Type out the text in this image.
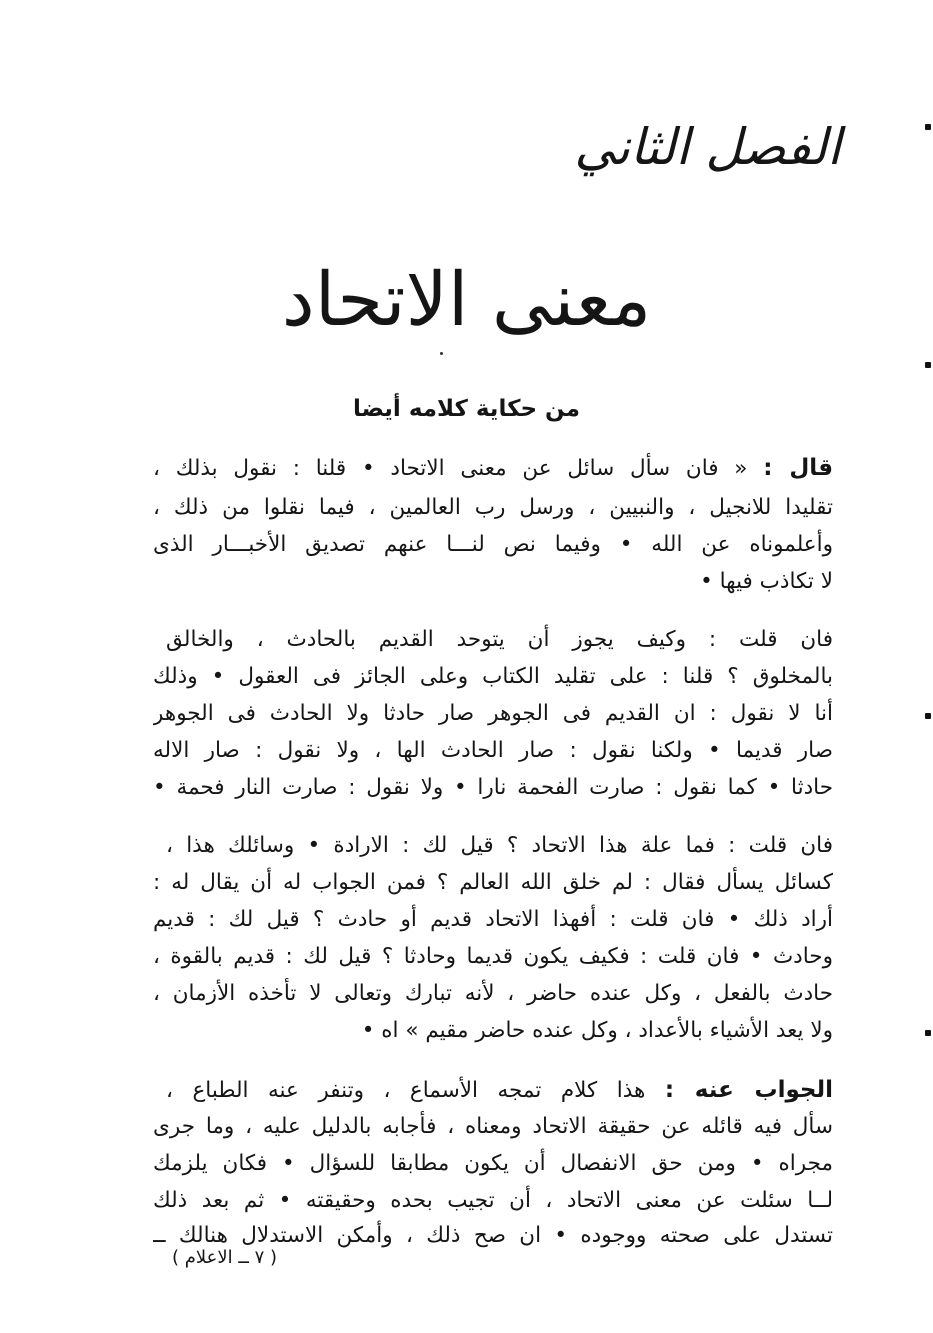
الفصل الثاني
معنى الاتحاد
من حكاية كلامه أيضا
قال : « فان سأل سائل عن معنى الاتحاد • قلنا : نقول بذلك ،
تقليدا للانجيل ، والنبيين ، ورسل رب العالمين ، فيما نقلوا من ذلك ،
وأعلموناه عن الله • وفيما نص لنـــا عنهم تصديق الأخبـــار الذى
لا تكاذب فيها •
فان قلت : وكيف يجوز أن يتوحد القديم بالحادث ، والخالق
بالمخلوق ؟ قلنا : على تقليد الكتاب وعلى الجائز فى العقول • وذلك
أنا لا نقول : ان القديم فى الجوهر صار حادثا ولا الحادث فى الجوهر
صار قديما • ولكنا نقول : صار الحادث الها ، ولا نقول : صار الاله
حادثا • كما نقول : صارت الفحمة نارا • ولا نقول : صارت النار فحمة •
فان قلت : فما علة هذا الاتحاد ؟ قيل لك : الارادة • وسائلك هذا ،
كسائل يسأل فقال : لم خلق الله العالم ؟ فمن الجواب له أن يقال له :
أراد ذلك • فان قلت : أفهذا الاتحاد قديم أو حادث ؟ قيل لك : قديم
وحادث • فان قلت : فكيف يكون قديما وحادثا ؟ قيل لك : قديم بالقوة ،
حادث بالفعل ، وكل عنده حاضر ، لأنه تبارك وتعالى لا تأخذه الأزمان ،
ولا يعد الأشياء بالأعداد ، وكل عنده حاضر مقيم » اه •
الجواب عنه : هذا كلام تمجه الأسماع ، وتنفر عنه الطباع ،
سأل فيه قائله عن حقيقة الاتحاد ومعناه ، فأجابه بالدليل عليه ، وما جرى
مجراه • ومن حق الانفصال أن يكون مطابقا للسؤال • فكان يلزمك
لــا سئلت عن معنى الاتحاد ، أن تجيب بحده وحقيقته • ثم بعد ذلك
تستدل على صحته ووجوده • ان صح ذلك ، وأمكن الاستدلال هنالك ــ
( ٧ ــ الاعلام )
